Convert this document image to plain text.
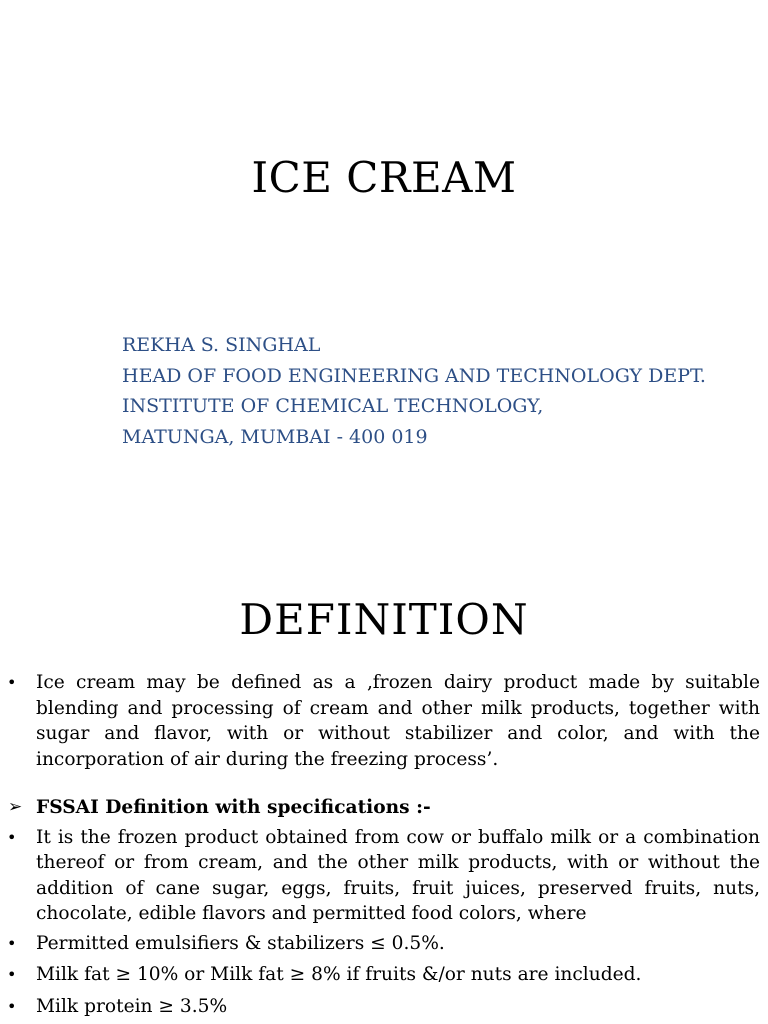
ICE CREAM
REKHA S. SINGHAL
HEAD OF FOOD ENGINEERING AND TECHNOLOGY DEPT.
INSTITUTE OF CHEMICAL TECHNOLOGY,
MATUNGA, MUMBAI - 400 019
DEFINITION
•	Ice cream may be defined as a ‚frozen dairy product made by suitable blending and processing of cream and other milk products, together with sugar and flavor, with or without stabilizer and color, and with the incorporation of air during the freezing process’.
➢ FSSAI Definition with specifications :-
•	It is the frozen product obtained from cow or buffalo milk or a combination thereof or from cream, and the other milk products, with or without the addition of cane sugar, eggs, fruits, fruit juices, preserved fruits, nuts, chocolate, edible flavors and permitted food colors, where
•	Permitted emulsifiers & stabilizers ≤ 0.5%.
•	Milk fat ≥ 10% or Milk fat ≥ 8% if fruits &/or nuts are included.
•	Milk protein ≥ 3.5%
